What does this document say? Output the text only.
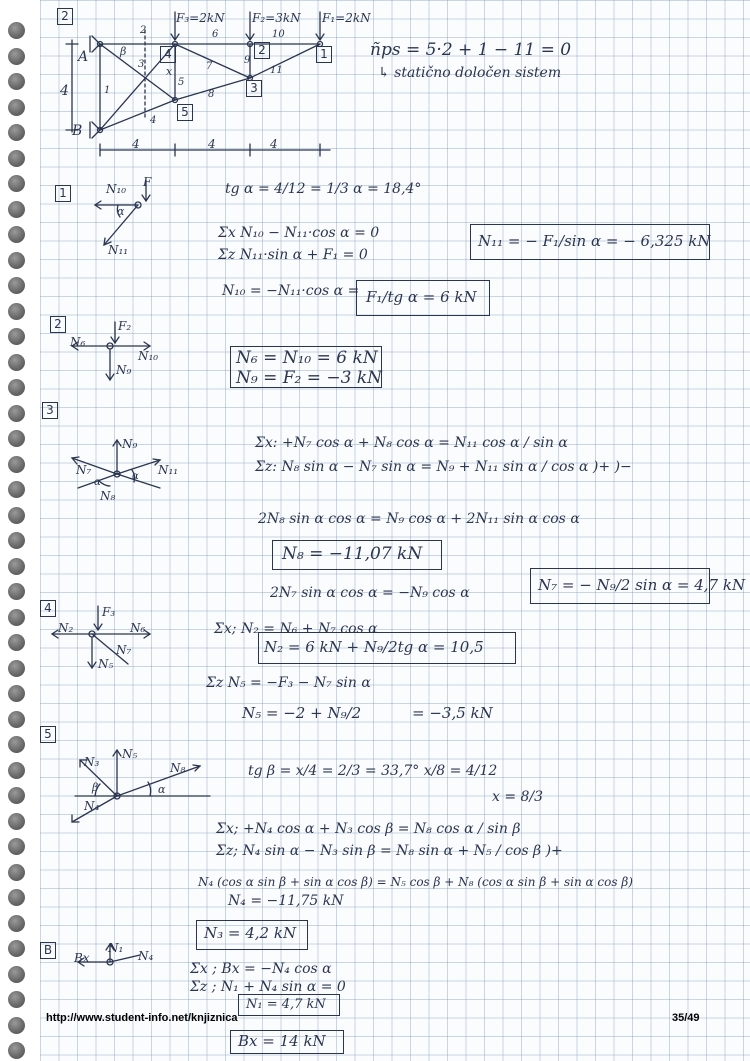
2	F₃=2kN F₂=3kN F₁=2kN
A
B
4
4	4	4
1
2
3
4
5
1
2
3
4
5
6
7
8
9
10
11
β
x
ñps = 5·2 + 1 − 11 = 0
↳ statično določen sistem
1	N₁₀ F
N₁₁
α
tg α = 4/12 = 1/3 α = 18,4°
Σx N₁₀ − N₁₁·cos α = 0
Σz N₁₁·sin α + F₁ = 0
N₁₀ = −N₁₁·cos α =
N₁₁ = − F₁/sin α = − 6,325 kN
F₁/tg α = 6 kN
2
N₆
F₂
N₁₀
N₉
N₆ = N₁₀ = 6 kN
N₉ = F₂ = −3 kN
3
N₉
N₇	N₁₁
N₈
α
α
Σx: +N₇ cos α + N₈ cos α = N₁₁ cos α / sin α
Σz: N₈ sin α − N₇ sin α = N₉ + N₁₁ sin α / cos α )+ )−
2N₈ sin α cos α = N₉ cos α + 2N₁₁ sin α cos α
N₈ = −11,07 kN
2N₇ sin α cos α = −N₉ cos α	N₇ = − N₉/2 sin α = 4,7 kN
4
N₂
F₃
N₆
N₅
N₇
Σx; N₂ = N₆ + N₇ cos α
N₂ = 6 kN + N₉/2tg α = 10,5
Σz N₅ = −F₃ − N₇ sin α
N₅ = −2 + N₉/2	= −3,5 kN
5
N₃
N₅
N₈
β	α
N₄
tg β = x/4 = 2/3 = 33,7° x/8 = 4/12
x = 8/3
Σx; +N₄ cos α + N₃ cos β = N₈ cos α / sin β
Σz; N₄ sin α − N₃ sin β = N₈ sin α + N₅ / cos β )+
N₄ (cos α sin β + sin α cos β) = N₅ cos β + N₈ (cos α sin β + sin α cos β)
N₄ = −11,75 kN
N₃ = 4,2 kN
B
Bx
N₁
N₄
Σx ; Bx = −N₄ cos α
Σz ; N₁ + N₄ sin α = 0
N₁ = 4,7 kN
Bx = 14 kN
http://www.student-info.net/knjiznica	35/49
